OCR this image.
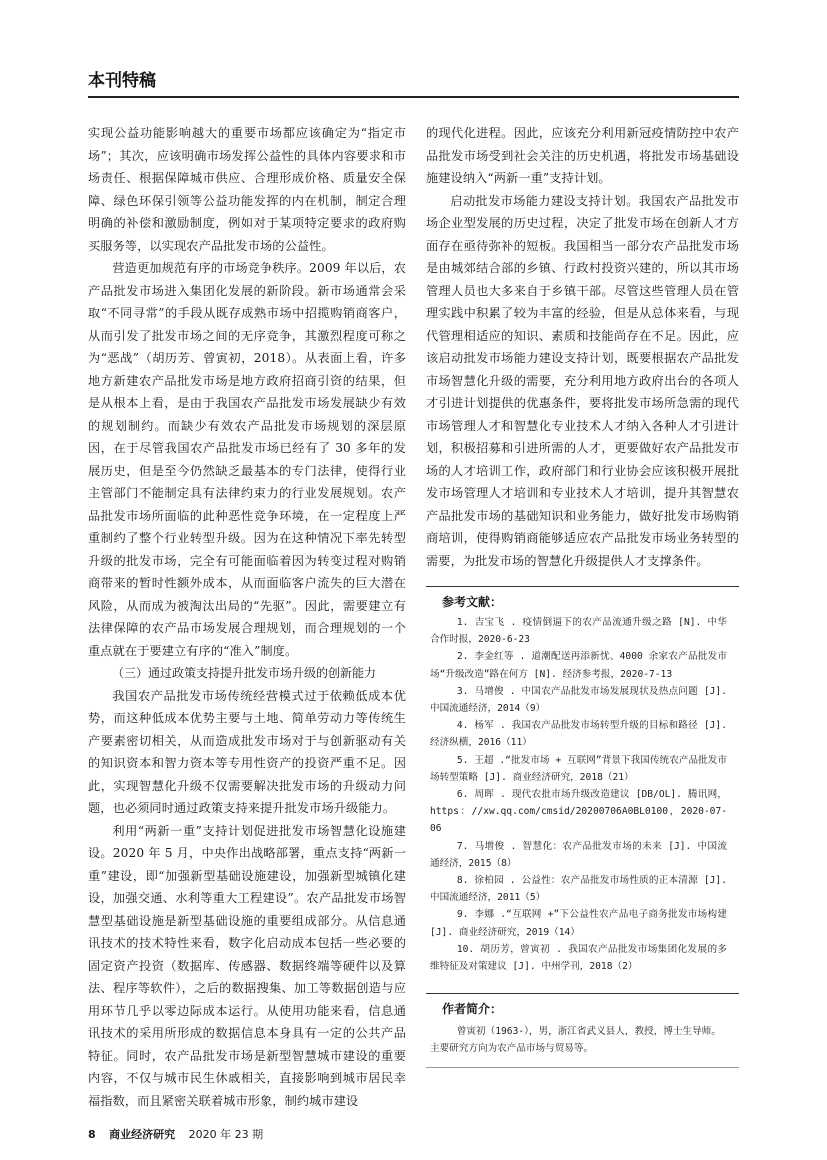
本刊特稿

实现公益功能影响越大的重要市场都应该确定为“指定市场”；其次，应该明确市场发挥公益性的具体内容要求和市场责任、根据保障城市供应、合理形成价格、质量安全保障、绿色环保引领等公益功能发挥的内在机制，制定合理明确的补偿和激励制度，例如对于某项特定要求的政府购买服务等，以实现农产品批发市场的公益性。

营造更加规范有序的市场竞争秩序。2009 年以后，农产品批发市场进入集团化发展的新阶段。新市场通常会采取“不同寻常”的手段从既存成熟市场中招揽购销商客户，从而引发了批发市场之间的无序竞争，其激烈程度可称之为“恶战”（胡历芳、曾寅初，2018）。从表面上看，许多地方新建农产品批发市场是地方政府招商引资的结果，但是从根本上看，是由于我国农产品批发市场发展缺少有效的规划制约。而缺少有效农产品批发市场规划的深层原因，在于尽管我国农产品批发市场已经有了 30 多年的发展历史，但是至今仍然缺乏最基本的专门法律，使得行业主管部门不能制定具有法律约束力的行业发展规划。农产品批发市场所面临的此种恶性竞争环境，在一定程度上严重制约了整个行业转型升级。因为在这种情况下率先转型升级的批发市场，完全有可能面临着因为转变过程对购销商带来的暂时性额外成本，从而面临客户流失的巨大潜在风险，从而成为被淘汰出局的“先驱”。因此，需要建立有法律保障的农产品市场发展合理规划，而合理规划的一个重点就在于要建立有序的“准入”制度。

（三）通过政策支持提升批发市场升级的创新能力

我国农产品批发市场传统经营模式过于依赖低成本优势，而这种低成本优势主要与土地、简单劳动力等传统生产要素密切相关，从而造成批发市场对于与创新驱动有关的知识资本和智力资本等专用性资产的投资严重不足。因此，实现智慧化升级不仅需要解决批发市场的升级动力问题，也必须同时通过政策支持来提升批发市场升级能力。

利用“两新一重”支持计划促进批发市场智慧化设施建设。2020 年 5 月，中央作出战略部署，重点支持“两新一重”建设，即“加强新型基础设施建设，加强新型城镇化建设，加强交通、水利等重大工程建设”。农产品批发市场智慧型基础设施是新型基础设施的重要组成部分。从信息通讯技术的技术特性来看，数字化启动成本包括一些必要的固定资产投资（数据库、传感器、数据终端等硬件以及算法、程序等软件），之后的数据搜集、加工等数据创造与应用环节几乎以零边际成本运行。从使用功能来看，信息通讯技术的采用所形成的数据信息本身具有一定的公共产品特征。同时，农产品批发市场是新型智慧城市建设的重要内容，不仅与城市民生休戚相关，直接影响到城市居民幸福指数，而且紧密关联着城市形象，制约城市建设

的现代化进程。因此，应该充分利用新冠疫情防控中农产品批发市场受到社会关注的历史机遇，将批发市场基础设施建设纳入“两新一重”支持计划。

启动批发市场能力建设支持计划。我国农产品批发市场企业型发展的历史过程，决定了批发市场在创新人才方面存在亟待弥补的短板。我国相当一部分农产品批发市场是由城郊结合部的乡镇、行政村投资兴建的，所以其市场管理人员也大多来自于乡镇干部。尽管这些管理人员在管理实践中积累了较为丰富的经验，但是从总体来看，与现代管理相适应的知识、素质和技能尚存在不足。因此，应该启动批发市场能力建设支持计划，既要根据农产品批发市场智慧化升级的需要，充分利用地方政府出台的各项人才引进计划提供的优惠条件，要将批发市场所急需的现代市场管理人才和智慧化专业技术人才纳入各种人才引进计划，积极招募和引进所需的人才，更要做好农产品批发市场的人才培训工作，政府部门和行业协会应该积极开展批发市场管理人才培训和专业技术人才培训，提升其智慧农产品批发市场的基础知识和业务能力，做好批发市场购销商培训，使得购销商能够适应农产品批发市场业务转型的需要，为批发市场的智慧化升级提供人才支撑条件。

参考文献：
1. 吉宝飞 . 疫情倒逼下的农产品流通升级之路 [N]. 中华合作时报，2020-6-23
2. 李金红等 . 道潮配送再添新忧、4000 余家农产品批发市场“升级改造”路在何方 [N]. 经济参考报，2020-7-13
3. 马增俊 . 中国农产品批发市场发展现状及热点问题 [J]. 中国流通经济，2014（9）
4. 杨军 . 我国农产品批发市场转型升级的目标和路径 [J]. 经济纵横，2016（11）
5. 王超 .“批发市场 + 互联网”背景下我国传统农产品批发市场转型策略 [J]. 商业经济研究，2018（21）
6. 周晖 . 现代农批市场升级改造建议 [DB/OL]. 腾讯网，https：//xw.qq.com/cmsid/20200706A0BL0100，2020-07-06
7. 马增俊 . 智慧化：农产品批发市场的未来 [J]. 中国流通经济，2015（8）
8. 徐柏园 . 公益性：农产品批发市场性质的正本清源 [J]. 中国流通经济，2011（5）
9. 李娜 .“互联网 +”下公益性农产品电子商务批发市场构建 [J]. 商业经济研究，2019（14）
10. 胡历芳，曾寅初 . 我国农产品批发市场集团化发展的多维特征及对策建议 [J]. 中州学刊，2018（2）
作者简介：
曾寅初（1963-），男，浙江省武义县人，教授，博士生导师。主要研究方向为农产品市场与贸易等。
8 商业经济研究 2020 年 23 期
